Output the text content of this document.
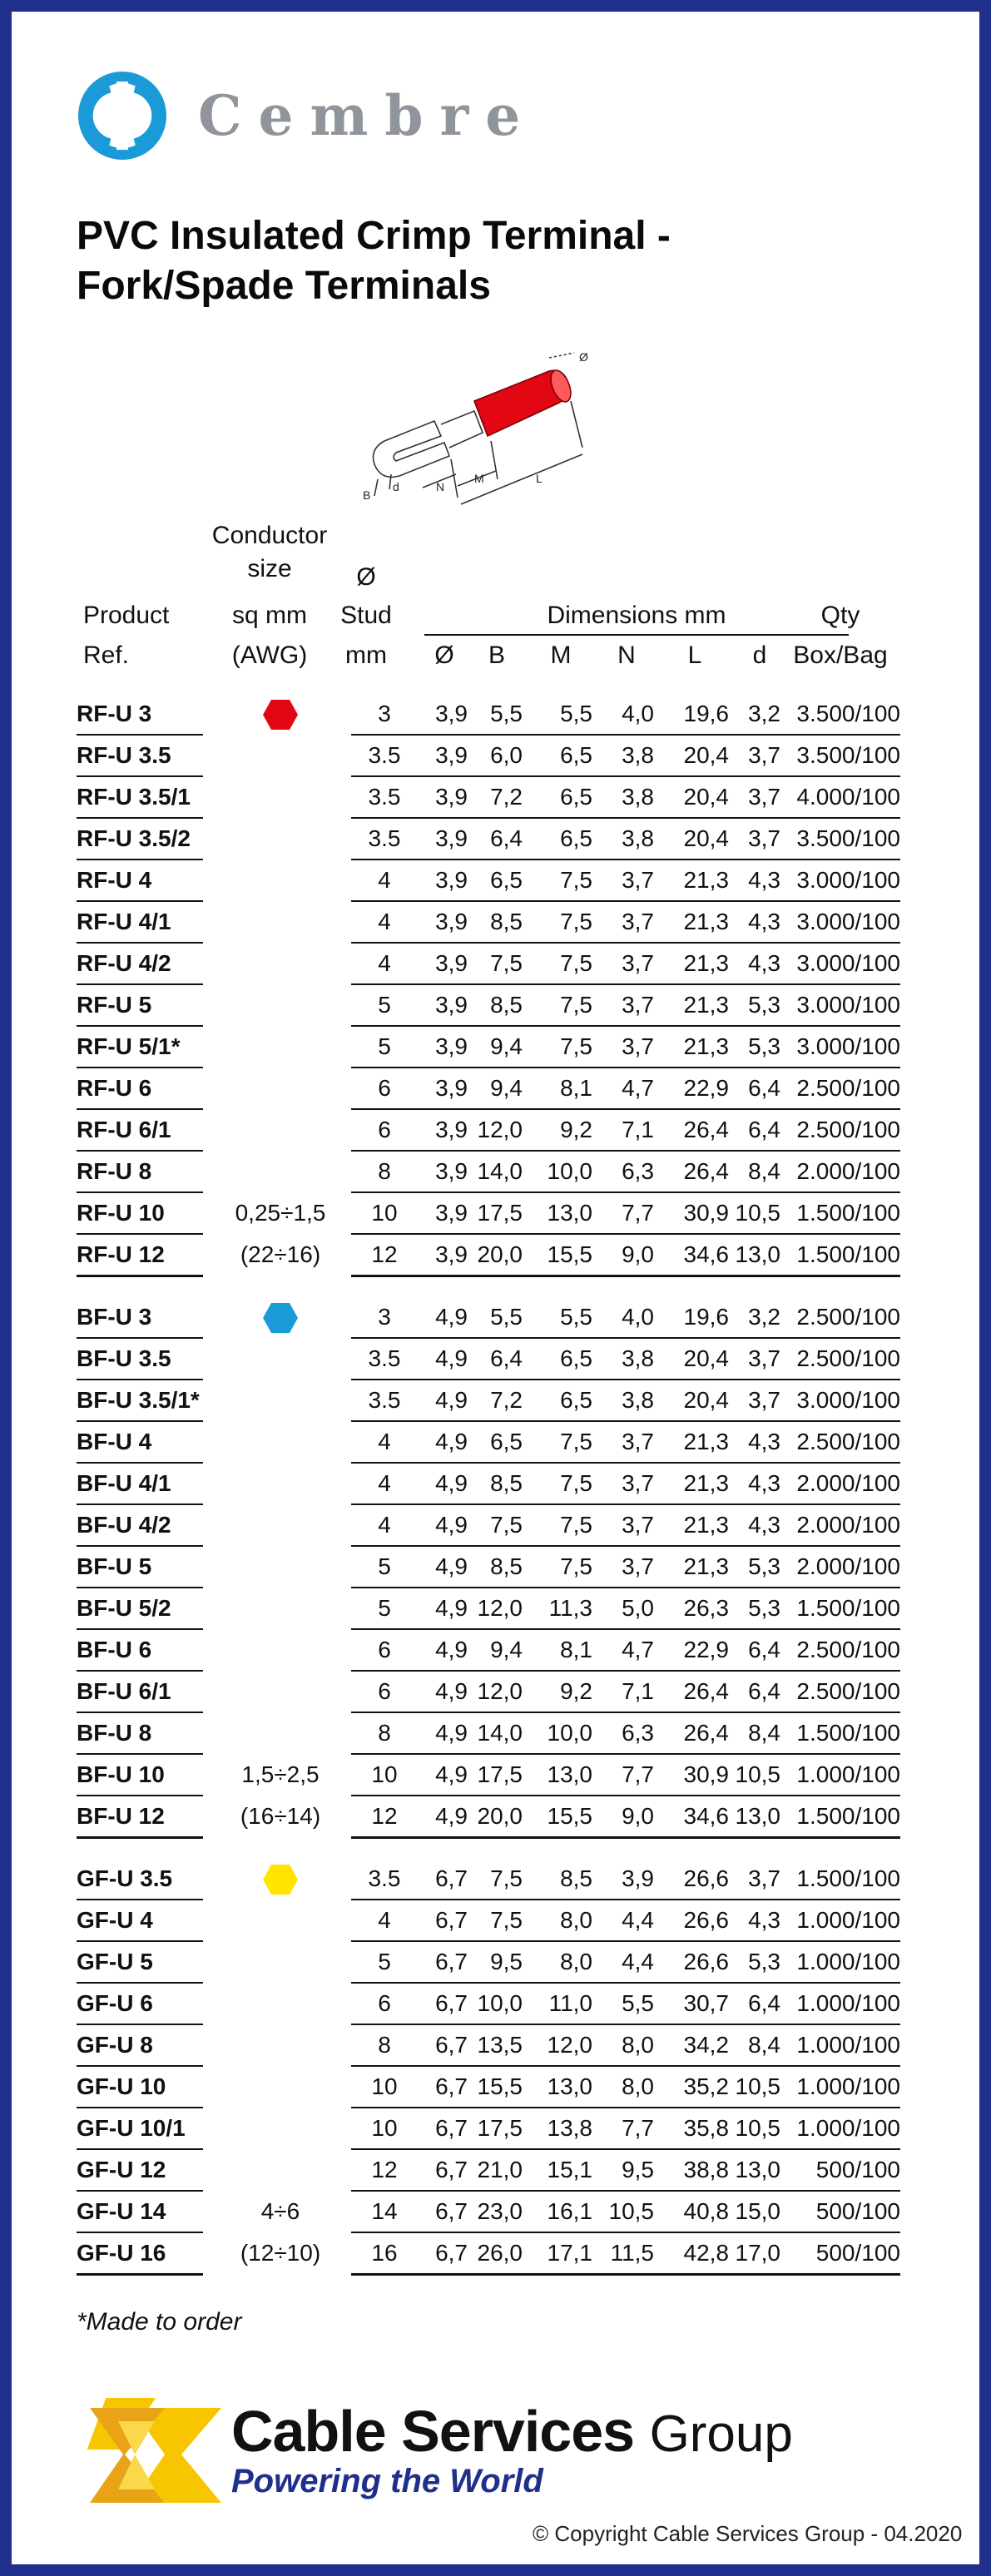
Cembre
PVC Insulated Crimp Terminal -
Fork/Spade Terminals
Ø
B
d	N
M	L
Product
Ref.
Conductor
size
sq mm
(AWG)
Ø
Stud
mm
Dimensions mm
Ø	B	M	N	L	d
Qty
Box/Bag
RF-U 3			3	3,9	5,5	5,5	4,0	19,6	3,2	3.500/100
RF-U 3.5			3.5	3,9	6,0	6,5	3,8	20,4	3,7	3.500/100
RF-U 3.5/1			3.5	3,9	7,2	6,5	3,8	20,4	3,7	4.000/100
RF-U 3.5/2			3.5	3,9	6,4	6,5	3,8	20,4	3,7	3.500/100
RF-U 4			4	3,9	6,5	7,5	3,7	21,3	4,3	3.000/100
RF-U 4/1			4	3,9	8,5	7,5	3,7	21,3	4,3	3.000/100
RF-U 4/2			4	3,9	7,5	7,5	3,7	21,3	4,3	3.000/100
RF-U 5			5	3,9	8,5	7,5	3,7	21,3	5,3	3.000/100
RF-U 5/1*			5	3,9	9,4	7,5	3,7	21,3	5,3	3.000/100
RF-U 6			6	3,9	9,4	8,1	4,7	22,9	6,4	2.500/100
RF-U 6/1			6	3,9	12,0	9,2	7,1	26,4	6,4	2.500/100
RF-U 8			8	3,9	14,0	10,0	6,3	26,4	8,4	2.000/100
RF-U 10		0,25÷1,5	10	3,9	17,5	13,0	7,7	30,9	10,5	1.500/100
RF-U 12		(22÷16)	12	3,9	20,0	15,5	9,0	34,6	13,0	1.500/100

BF-U 3			3	4,9	5,5	5,5	4,0	19,6	3,2	2.500/100
BF-U 3.5			3.5	4,9	6,4	6,5	3,8	20,4	3,7	2.500/100
BF-U 3.5/1*			3.5	4,9	7,2	6,5	3,8	20,4	3,7	3.000/100
BF-U 4			4	4,9	6,5	7,5	3,7	21,3	4,3	2.500/100
BF-U 4/1			4	4,9	8,5	7,5	3,7	21,3	4,3	2.000/100
BF-U 4/2			4	4,9	7,5	7,5	3,7	21,3	4,3	2.000/100
BF-U 5			5	4,9	8,5	7,5	3,7	21,3	5,3	2.000/100
BF-U 5/2			5	4,9	12,0	11,3	5,0	26,3	5,3	1.500/100
BF-U 6			6	4,9	9,4	8,1	4,7	22,9	6,4	2.500/100
BF-U 6/1			6	4,9	12,0	9,2	7,1	26,4	6,4	2.500/100
BF-U 8			8	4,9	14,0	10,0	6,3	26,4	8,4	1.500/100
BF-U 10		1,5÷2,5	10	4,9	17,5	13,0	7,7	30,9	10,5	1.000/100
BF-U 12		(16÷14)	12	4,9	20,0	15,5	9,0	34,6	13,0	1.500/100

GF-U 3.5			3.5	6,7	7,5	8,5	3,9	26,6	3,7	1.500/100
GF-U 4			4	6,7	7,5	8,0	4,4	26,6	4,3	1.000/100
GF-U 5			5	6,7	9,5	8,0	4,4	26,6	5,3	1.000/100
GF-U 6			6	6,7	10,0	11,0	5,5	30,7	6,4	1.000/100
GF-U 8			8	6,7	13,5	12,0	8,0	34,2	8,4	1.000/100
GF-U 10			10	6,7	15,5	13,0	8,0	35,2	10,5	1.000/100
GF-U 10/1			10	6,7	17,5	13,8	7,7	35,8	10,5	1.000/100
GF-U 12			12	6,7	21,0	15,1	9,5	38,8	13,0	500/100
GF-U 14		4÷6	14	6,7	23,0	16,1	10,5	40,8	15,0	500/100
GF-U 16		(12÷10)	16	6,7	26,0	17,1	11,5	42,8	17,0	500/100
*Made to order
Cable Services Group
Powering the World
© Copyright Cable Services Group - 04.2020
